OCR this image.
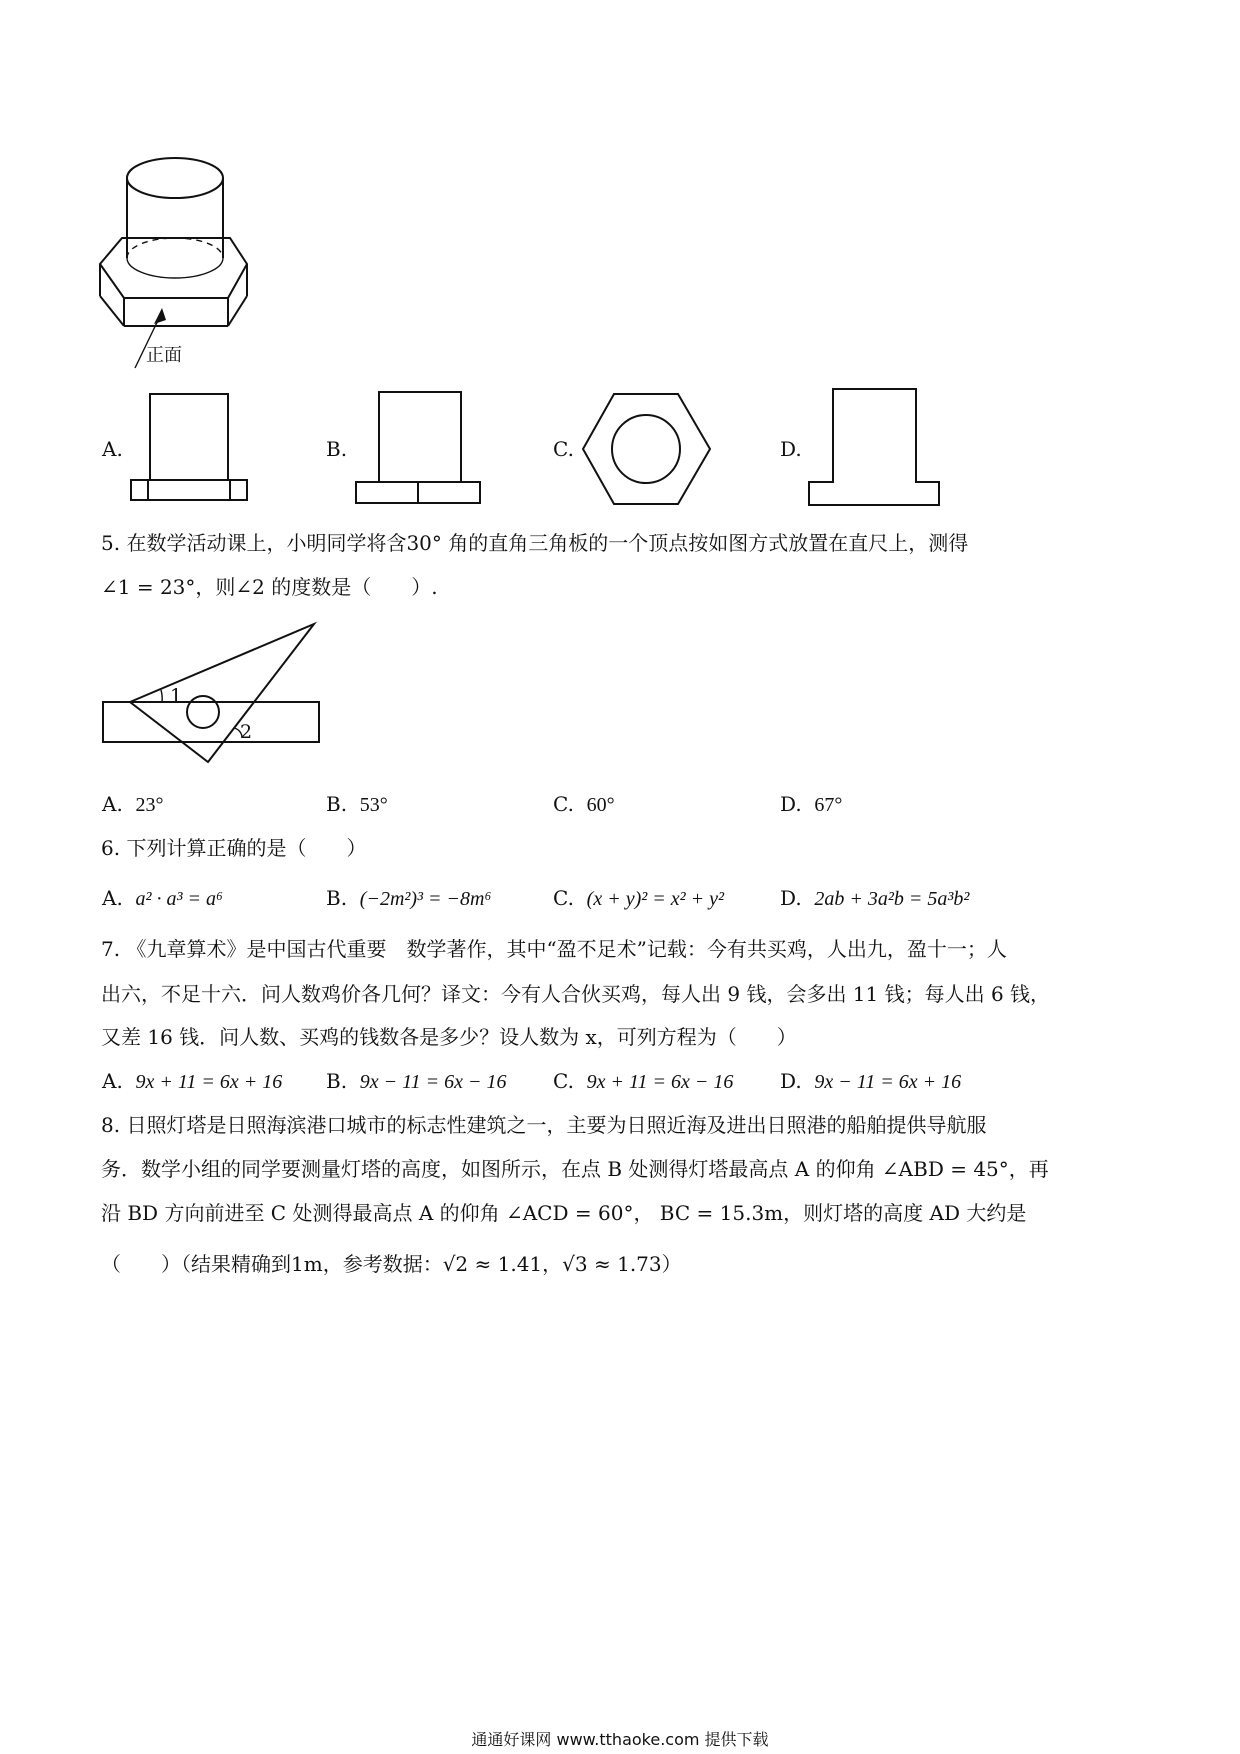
正面
A.	B.	C.	D.
5. 在数学活动课上，小明同学将含30° 角的直角三角板的一个顶点按如图方式放置在直尺上，测得
∠1 = 23°，则∠2 的度数是（　　）.
1
2
A. 23°	B. 53°	C. 60°	D. 67°
6. 下列计算正确的是（　　）
A. a² · a³ = a⁶	B. (−2m²)³ = −8m⁶	C. (x + y)² = x² + y²	D. 2ab + 3a²b = 5a³b²
7. 《九章算术》是中国古代重要　数学著作，其中“盈不足术”记载：今有共买鸡，人出九，盈十一；人
出六，不足十六．问人数鸡价各几何？译文：今有人合伙买鸡，每人出 9 钱，会多出 11 钱；每人出 6 钱，
又差 16 钱．问人数、买鸡的钱数各是多少？设人数为 x，可列方程为（　　）
A. 9x + 11 = 6x + 16 B. 9x − 11 = 6x − 16 C. 9x + 11 = 6x − 16 D. 9x − 11 = 6x + 16
8. 日照灯塔是日照海滨港口城市的标志性建筑之一，主要为日照近海及进出日照港的船舶提供导航服
务．数学小组的同学要测量灯塔的高度，如图所示，在点 B 处测得灯塔最高点 A 的仰角 ∠ABD = 45°，再
沿 BD 方向前进至 C 处测得最高点 A 的仰角 ∠ACD = 60°， BC = 15.3m，则灯塔的高度 AD 大约是
（　　）（结果精确到1m，参考数据：√2 ≈ 1.41，√3 ≈ 1.73）
通通好课网 www.tthaoke.com 提供下载
